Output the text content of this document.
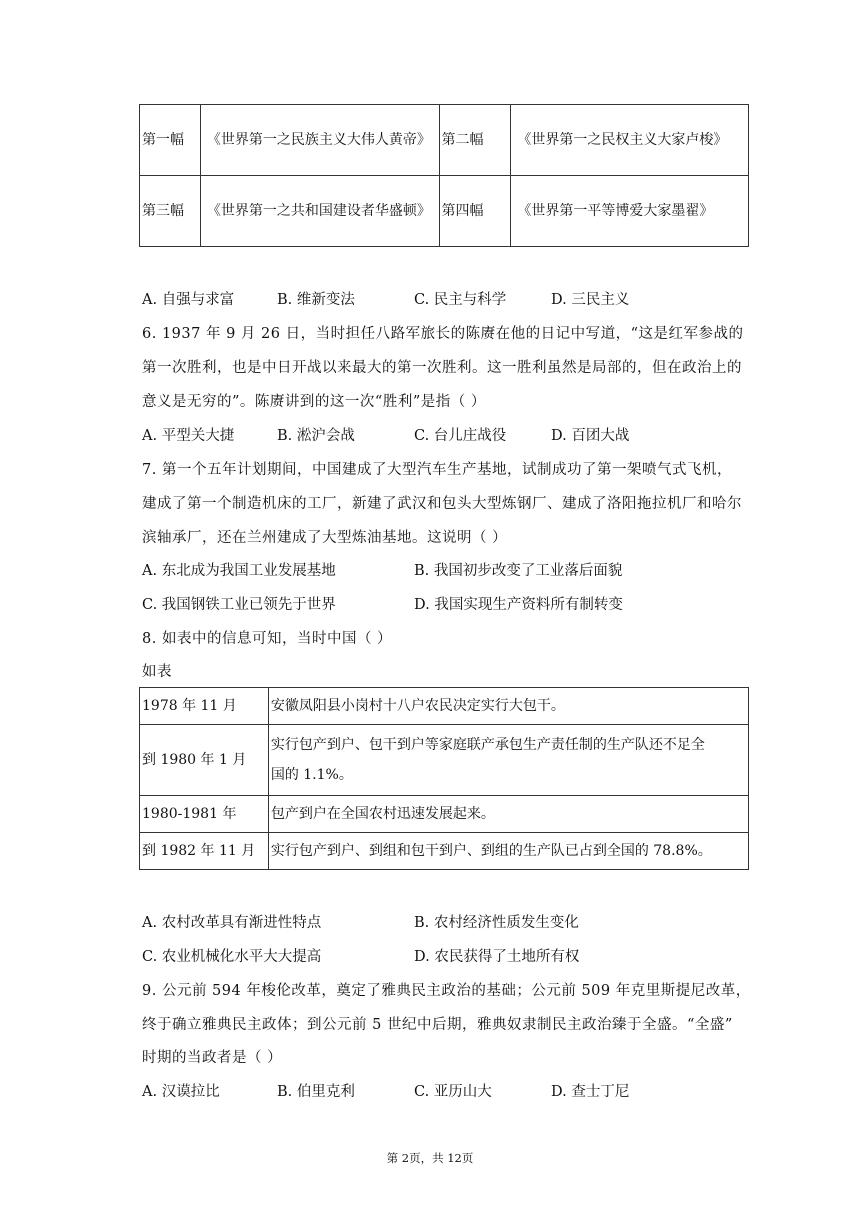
第一幅	《世界第一之民族主义大伟人黄帝》	第二幅	《世界第一之民权主义大家卢梭》
第三幅	《世界第一之共和国建设者华盛顿》	第四幅	《世界第一平等博爱大家墨翟》
A. 自强与求富	B. 维新变法	C. 民主与科学	D. 三民主义
6. 1937 年 9 月 26 日，当时担任八路军旅长的陈赓在他的日记中写道，“这是红军参战的
第一次胜利，也是中日开战以来最大的第一次胜利。这一胜利虽然是局部的，但在政治上的
意义是无穷的”。陈赓讲到的这一次“胜利”是指（ ）
A. 平型关大捷	B. 淞沪会战	C. 台儿庄战役	D. 百团大战
7. 第一个五年计划期间，中国建成了大型汽车生产基地，试制成功了第一架喷气式飞机，
建成了第一个制造机床的工厂，新建了武汉和包头大型炼钢厂、建成了洛阳拖拉机厂和哈尔
滨轴承厂，还在兰州建成了大型炼油基地。这说明（ ）
A. 东北成为我国工业发展基地	B. 我国初步改变了工业落后面貌
C. 我国钢铁工业已领先于世界	D. 我国实现生产资料所有制转变
8. 如表中的信息可知，当时中国（ ）
如表
1978 年 11 月	安徽凤阳县小岗村十八户农民决定实行大包干。
到 1980 年 1 月	实行包产到户、包干到户等家庭联产承包生产责任制的生产队还不足全
国的 1.1%。

1980-1981 年	包产到户在全国农村迅速发展起来。
到 1982 年 11 月	实行包产到户、到组和包干到户、到组的生产队已占到全国的 78.8%。
A. 农村改革具有渐进性特点	B. 农村经济性质发生变化
C. 农业机械化水平大大提高	D. 农民获得了土地所有权
9. 公元前 594 年梭伦改革，奠定了雅典民主政治的基础；公元前 509 年克里斯提尼改革，
终于确立雅典民主政体；到公元前 5 世纪中后期，雅典奴隶制民主政治臻于全盛。“全盛”
时期的当政者是（ ）
A. 汉谟拉比	B. 伯里克利	C. 亚历山大	D. 查士丁尼
第 2页，共 12页
